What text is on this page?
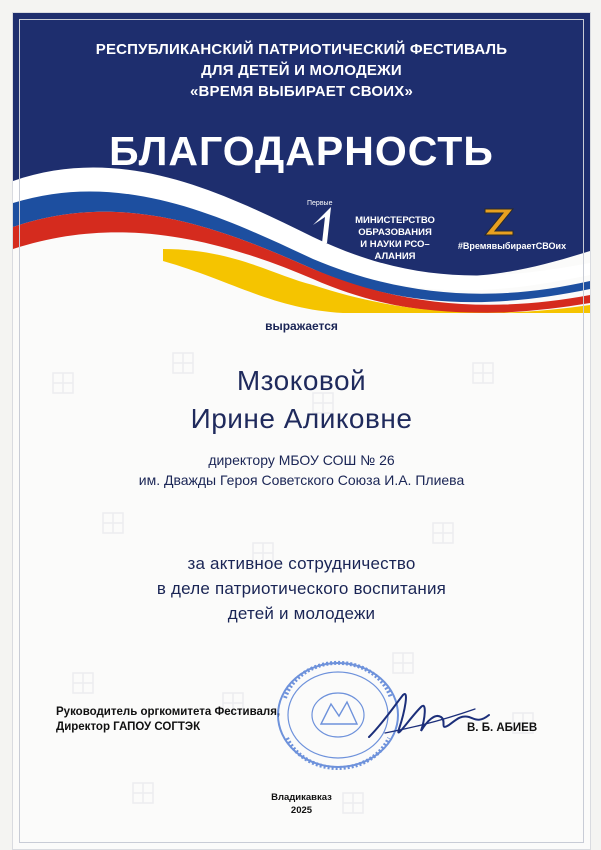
РЕСПУБЛИКАНСКИЙ ПАТРИОТИЧЕСКИЙ ФЕСТИВАЛЬ
ДЛЯ ДЕТЕЙ И МОЛОДЕЖИ
«ВРЕМЯ ВЫБИРАЕТ СВОИХ»
БЛАГОДАРНОСТЬ
Первые
МИНИСТЕРСТВО
ОБРАЗОВАНИЯ
И НАУКИ РСО–АЛАНИЯ
#ВремявыбираетСВОих
выражается
Мзоковой
Ирине Аликовне
директору МБОУ СОШ № 26
им. Дважды Героя Советского Союза И.А. Плиева
за активное сотрудничество
в деле патриотического воспитания
детей и молодежи
Руководитель оргкомитета Фестиваля,
Директор ГАПОУ СОГТЭК	В. Б. АБИЕВ
Владикавказ
2025
